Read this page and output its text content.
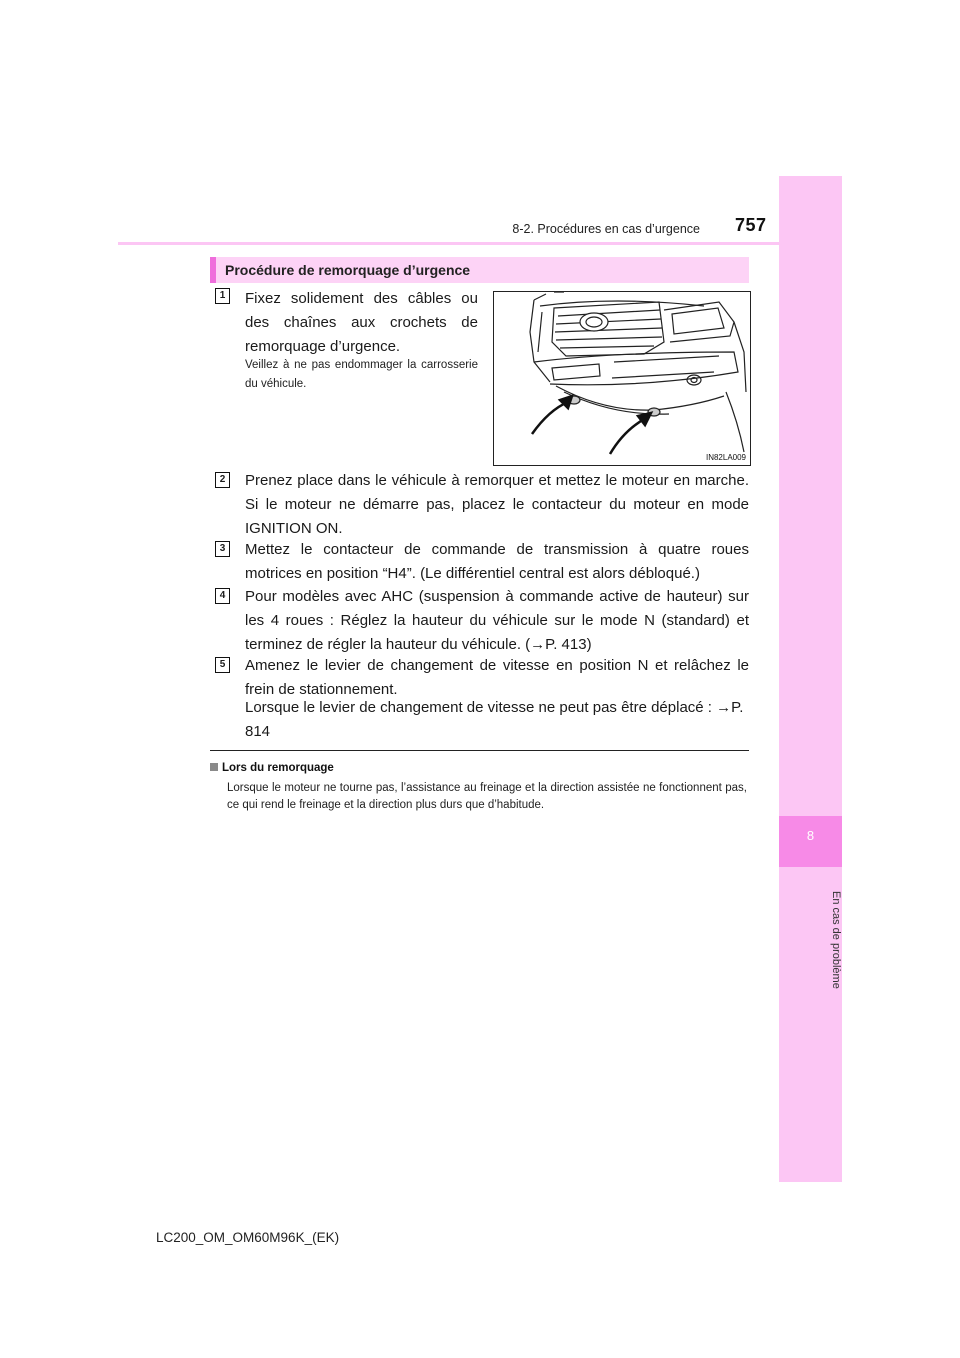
8
En cas de problème
8-2. Procédures en cas d’urgence 757
Procédure de remorquage d’urgence
1	Fixez solidement des câbles ou des chaînes aux crochets de remorquage d’urgence.
Veillez à ne pas endommager la carrosserie du véhicule.
IN82LA009
2	Prenez place dans le véhicule à remorquer et mettez le moteur en marche. Si le moteur ne démarre pas, placez le contacteur du moteur en mode IGNITION ON.
3	Mettez le contacteur de commande de transmission à quatre roues motrices en position “H4”. (Le différentiel central est alors débloqué.)
4	Pour modèles avec AHC (suspension à commande active de hauteur) sur les 4 roues : Réglez la hauteur du véhicule sur le mode N (standard) et terminez de régler la hauteur du véhicule. (→P. 413)
5	Amenez le levier de changement de vitesse en position N et relâchez le frein de stationnement.
Lorsque le levier de changement de vitesse ne peut pas être déplacé : →P. 814
Lors du remorquage
Lorsque le moteur ne tourne pas, l’assistance au freinage et la direction assistée ne fonctionnent pas, ce qui rend le freinage et la direction plus durs que d’habitude.
LC200_OM_OM60M96K_(EK)
